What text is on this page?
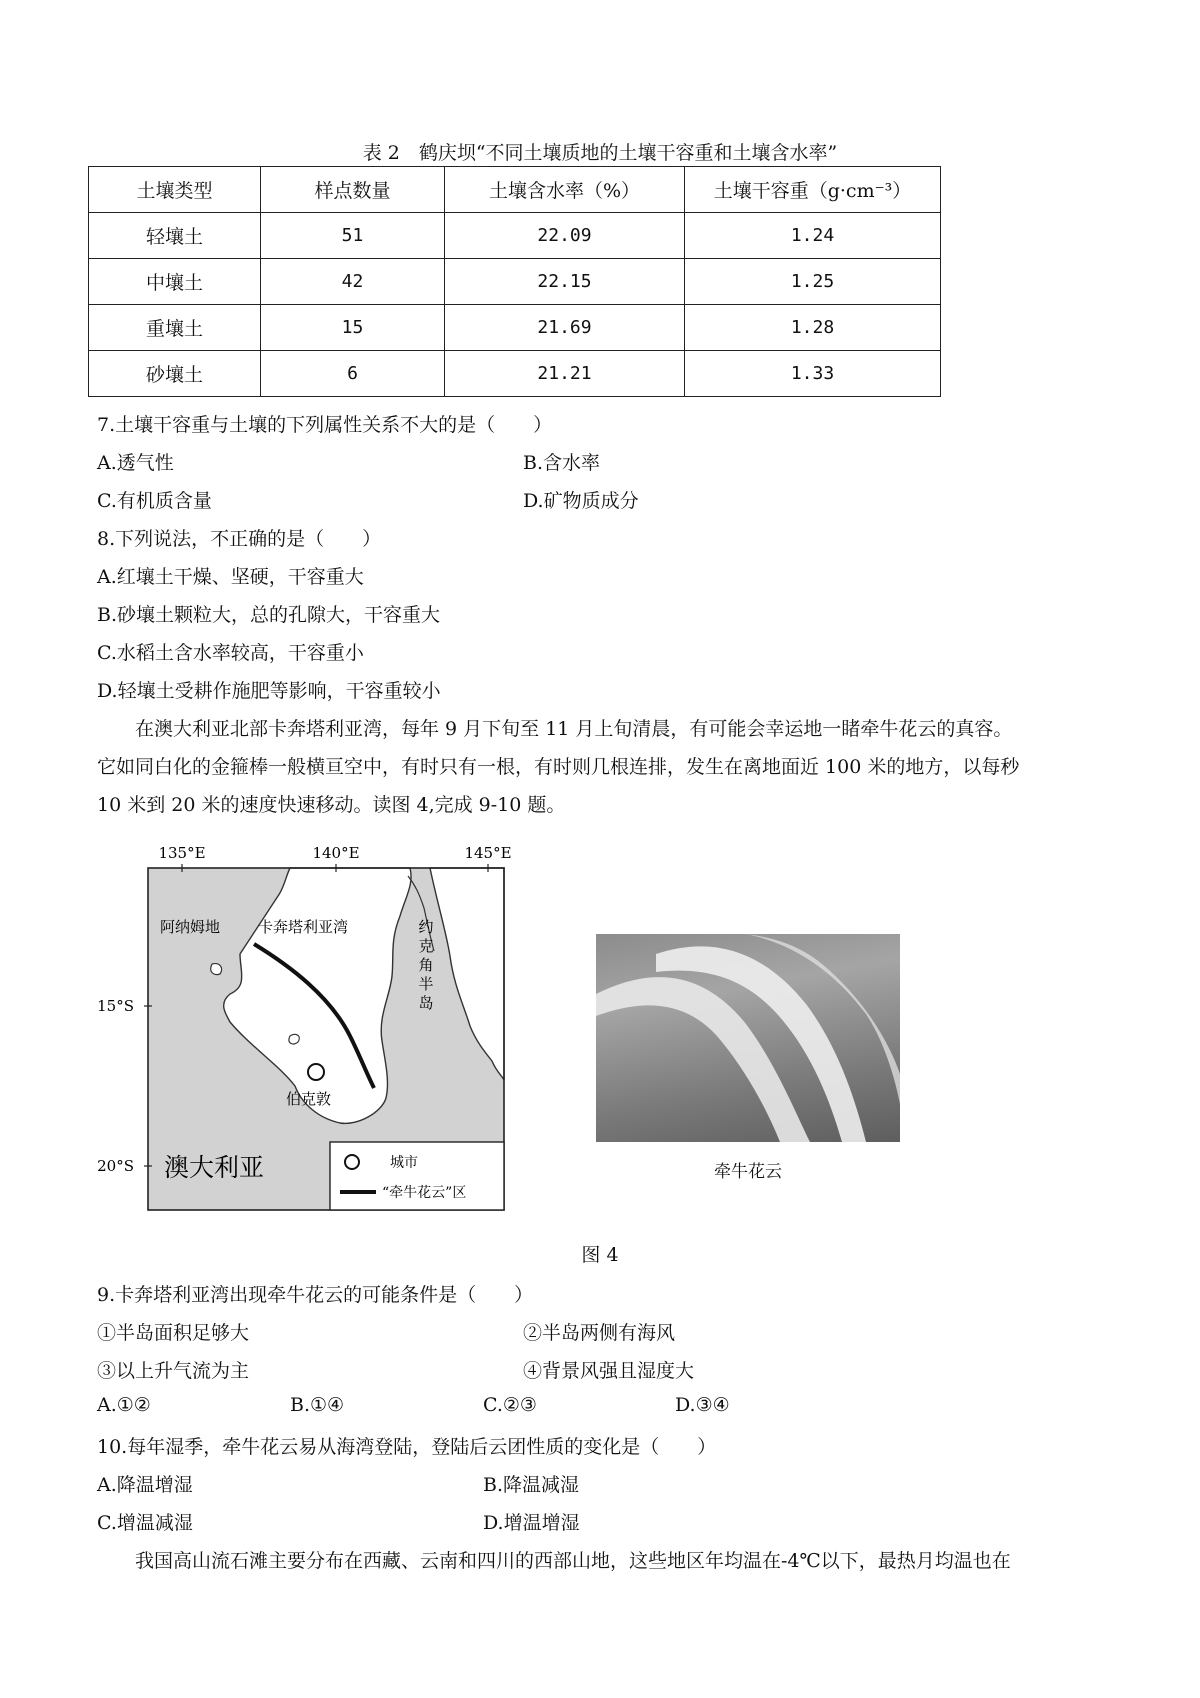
表 2　鹤庆坝“不同土壤质地的土壤干容重和土壤含水率”
土壤类型	样点数量	土壤含水率（%）	土壤干容重（g·cm⁻³）
轻壤土	51	22.09	1.24
中壤土	42	22.15	1.25
重壤土	15	21.69	1.28
砂壤土	6	21.21	1.33
7.土壤干容重与土壤的下列属性关系不大的是（　　）
A.透气性	B.含水率
C.有机质含量	D.矿物质成分
8.下列说法，不正确的是（　　）
A.红壤土干燥、坚硬，干容重大
B.砂壤土颗粒大，总的孔隙大，干容重大
C.水稻土含水率较高，干容重小
D.轻壤土受耕作施肥等影响，干容重较小
在澳大利亚北部卡奔塔利亚湾，每年 9 月下旬至 11 月上旬清晨，有可能会幸运地一睹牵牛花云的真容。
它如同白化的金箍棒一般横亘空中，有时只有一根，有时则几根连排，发生在离地面近 100 米的地方，以每秒
10 米到 20 米的速度快速移动。读图 4,完成 9-10 题。
135°E	140°E	145°E
15°S
20°S
阿纳姆地	卡奔塔利亚湾	约
克
角
半
岛
伯克敦
澳大利亚	城市
“牵牛花云”区
牵牛花云
图 4
9.卡奔塔利亚湾出现牵牛花云的可能条件是（　　）
①半岛面积足够大	②半岛两侧有海风
③以上升气流为主	④背景风强且湿度大
A.①②	B.①④	C.②③	D.③④
10.每年湿季，牵牛花云易从海湾登陆，登陆后云团性质的变化是（　　）
A.降温增湿	B.降温减湿
C.增温减湿	D.增温增湿
我国高山流石滩主要分布在西藏、云南和四川的西部山地，这些地区年均温在-4℃以下，最热月均温也在
